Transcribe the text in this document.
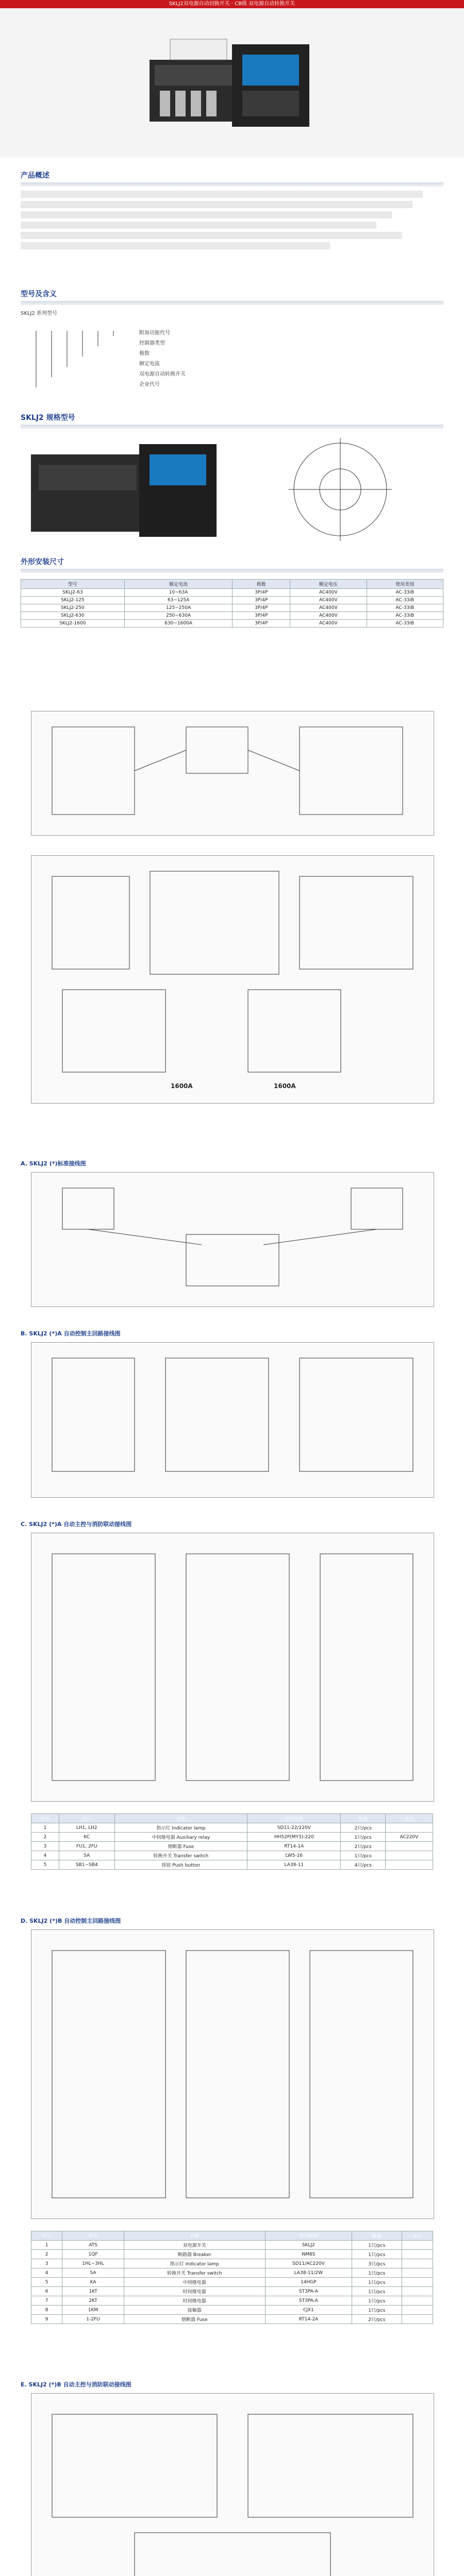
SKLJ2双电源自动切换开关 · CB级 双电源自动转换开关
产品概述
型号及含义
SKLJ2 系列型号
附加功能代号
控制器类型
极数
额定电流
双电源自动转换开关
企业代号
SKLJ2 规格型号
外形安装尺寸
型号	额定电流	极数	额定电压	使用类别
SKLJ2-63	10~63A	3P/4P	AC400V	AC-33iB
SKLJ2-125	63~125A	3P/4P	AC400V	AC-33iB
SKLJ2-250	125~250A	3P/4P	AC400V	AC-33iB
SKLJ2-630	250~630A	3P/4P	AC400V	AC-33iB
SKLJ2-1600	630~1600A	3P/4P	AC400V	AC-33iB
1600A	1600A
A. SKLJ2 (*)标准接线图
B. SKLJ2 (*)A 自动控制主回路接线图
C. SKLJ2 (*)A 自动主控与消防联动接线图
序号	代号	名称	型号规格	数量	备注
1	LH1, LH2	指示灯 Indicator lamp	SD11-22/220V	2只/pcs	
2	KC	中间继电器 Auxiliary relay	HH52P(MY3)-220	1只/pcs	AC220V
3	FU1, 2FU	熔断器 Fuse	RT14-1A	2只/pcs	
4	SA	转换开关 Transfer switch	LW5-16	1只/pcs	
5	SB1~SB4	按钮 Push button	LA38-11	4只/pcs	
D. SKLJ2 (*)B 自动控制主回路接线图
序号	代号	名称	型号规格	数量	备注
1	ATS	双电源开关	SKLJ2	1只/pcs	
2	1QF	断路器 Breaker	NM8S	1只/pcs	
3	1HL~3HL	指示灯 Indicator lamp	SD11/AC220V	3只/pcs	
4	SA	转换开关 Transfer switch	LA38-11/2W	1只/pcs	
5	KA	中间继电器	14HGP	1只/pcs	
6	1KT	时间继电器	ST3PA-A	1只/pcs	
7	2KT	时间继电器	ST3PA-A	1只/pcs	
8	1KM	接触器	CJX1	1只/pcs	
9	1-2FU	熔断器 Fuse	RT14-2A	2只/pcs	
E. SKLJ2 (*)B 自动主控与消防联动接线图
